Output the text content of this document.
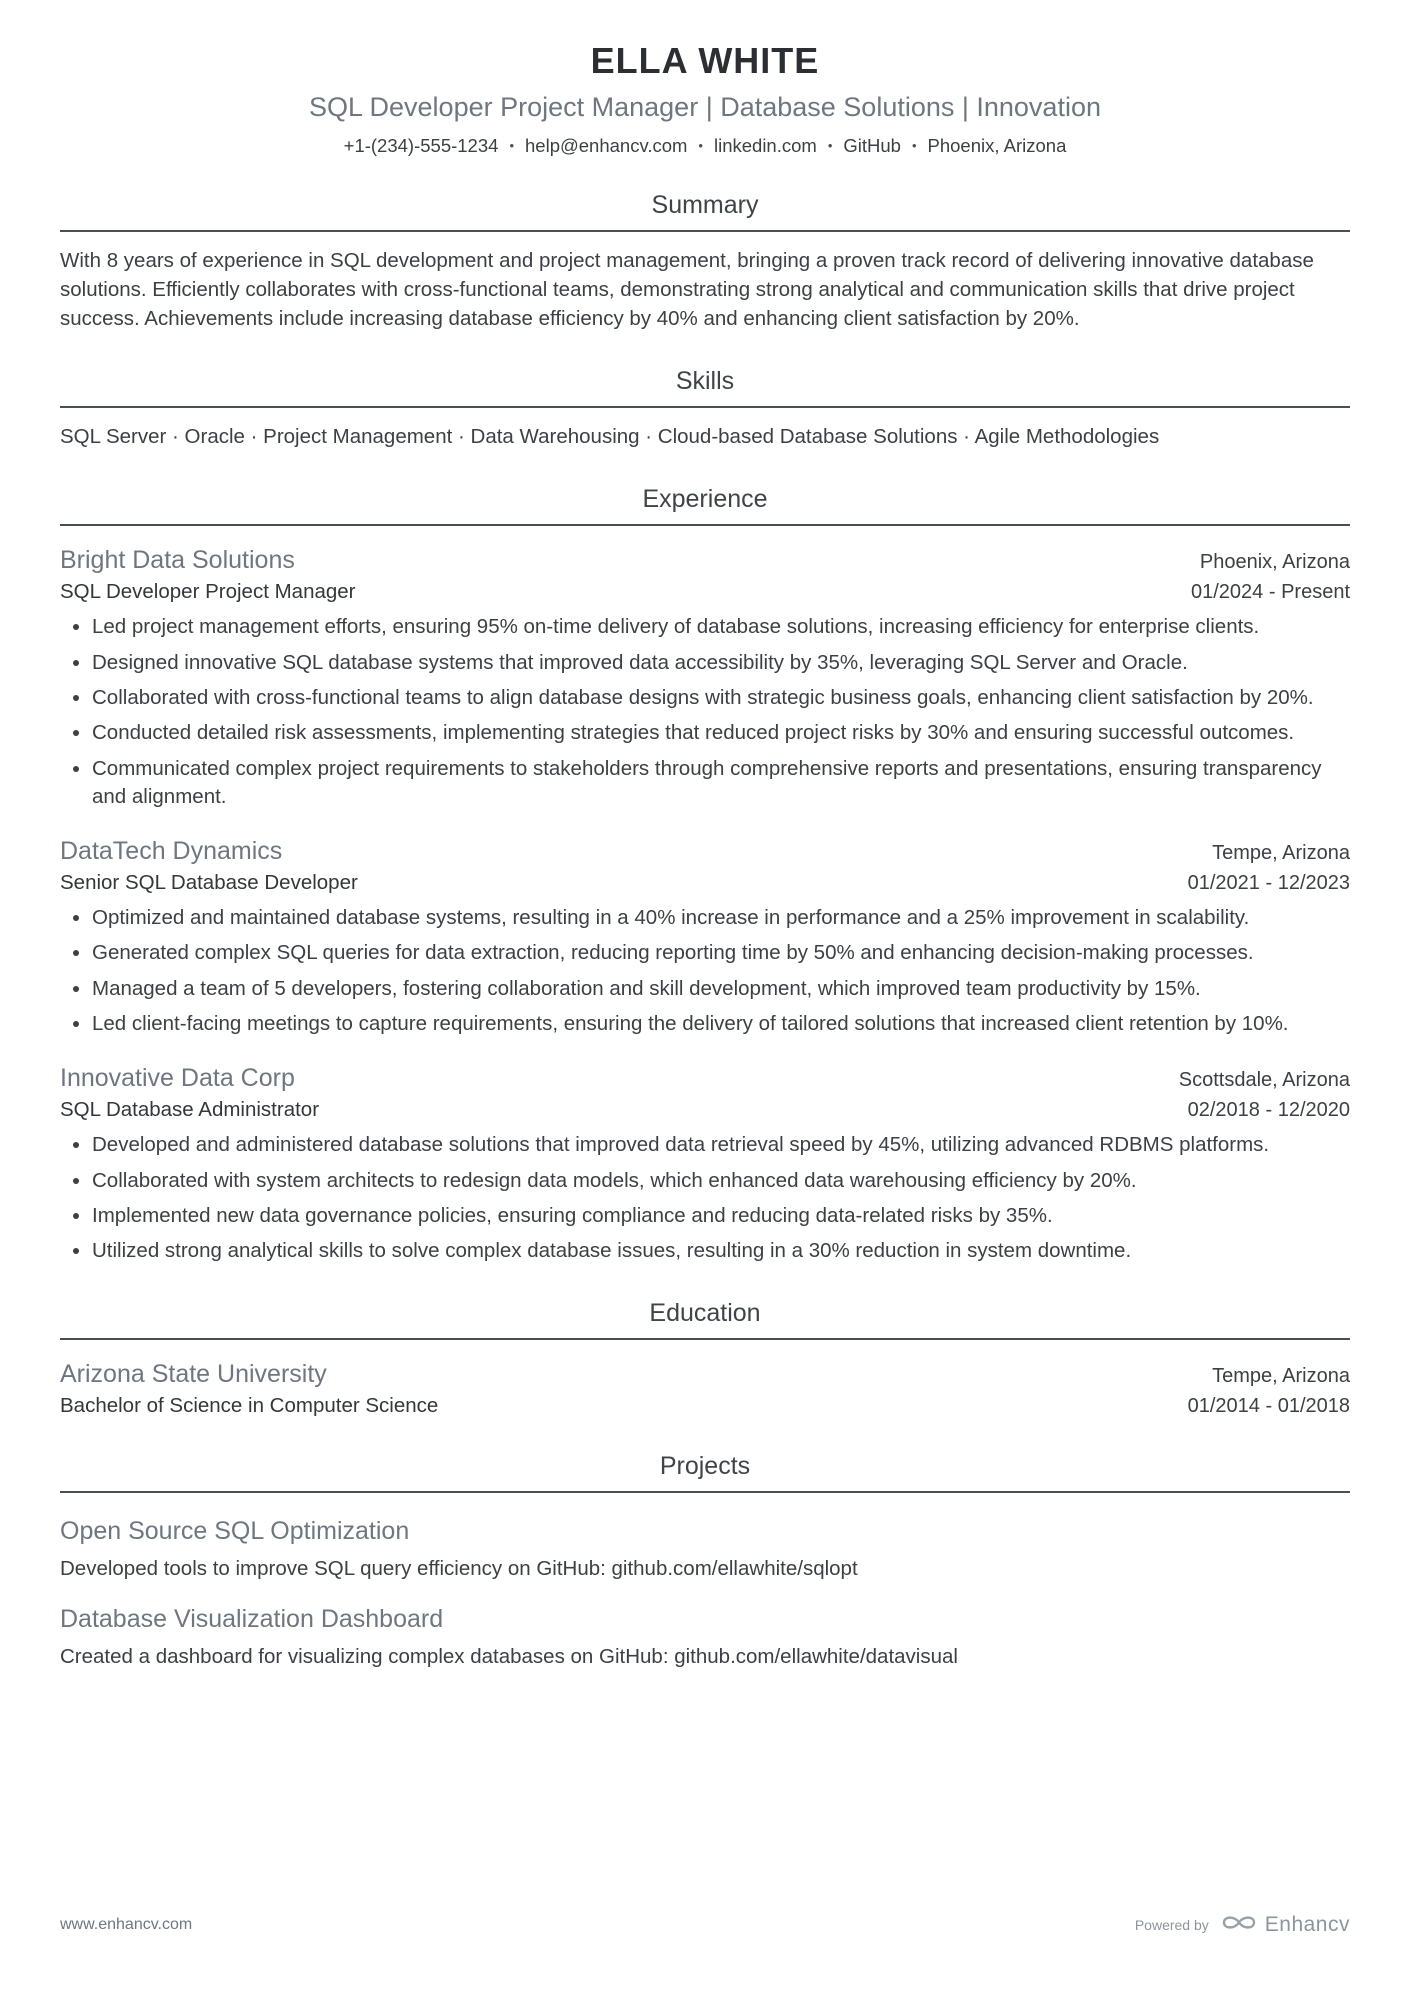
ELLA WHITE
SQL Developer Project Manager | Database Solutions | Innovation
+1-(234)-555-1234 • help@enhancv.com • linkedin.com • GitHub • Phoenix, Arizona
Summary

With 8 years of experience in SQL development and project management, bringing a proven track record of delivering innovative database solutions. Efficiently collaborates with cross-functional teams, demonstrating strong analytical and communication skills that drive project success. Achievements include increasing database efficiency by 40% and enhancing client satisfaction by 20%.

Skills

SQL Server · Oracle · Project Management · Data Warehousing · Cloud-based Database Solutions · Agile Methodologies

Experience
Bright Data Solutions	Phoenix, Arizona
SQL Developer Project Manager	01/2024 - Present
• Led project management efforts, ensuring 95% on-time delivery of database solutions, increasing efficiency for enterprise clients.
• Designed innovative SQL database systems that improved data accessibility by 35%, leveraging SQL Server and Oracle.
• Collaborated with cross-functional teams to align database designs with strategic business goals, enhancing client satisfaction by 20%.
• Conducted detailed risk assessments, implementing strategies that reduced project risks by 30% and ensuring successful outcomes.
• Communicated complex project requirements to stakeholders through comprehensive reports and presentations, ensuring transparency and alignment.
DataTech Dynamics	Tempe, Arizona
Senior SQL Database Developer	01/2021 - 12/2023
• Optimized and maintained database systems, resulting in a 40% increase in performance and a 25% improvement in scalability.
• Generated complex SQL queries for data extraction, reducing reporting time by 50% and enhancing decision-making processes.
• Managed a team of 5 developers, fostering collaboration and skill development, which improved team productivity by 15%.
• Led client-facing meetings to capture requirements, ensuring the delivery of tailored solutions that increased client retention by 10%.
Innovative Data Corp	Scottsdale, Arizona
SQL Database Administrator	02/2018 - 12/2020
• Developed and administered database solutions that improved data retrieval speed by 45%, utilizing advanced RDBMS platforms.
• Collaborated with system architects to redesign data models, which enhanced data warehousing efficiency by 20%.
• Implemented new data governance policies, ensuring compliance and reducing data-related risks by 35%.
• Utilized strong analytical skills to solve complex database issues, resulting in a 30% reduction in system downtime.
Education
Arizona State University	Tempe, Arizona
Bachelor of Science in Computer Science	01/2014 - 01/2018
Projects
Open Source SQL Optimization

Developed tools to improve SQL query efficiency on GitHub: github.com/ellawhite/sqlopt

Database Visualization Dashboard

Created a dashboard for visualizing complex databases on GitHub: github.com/ellawhite/datavisual

www.enhancv.com	Powered by	Enhancv
